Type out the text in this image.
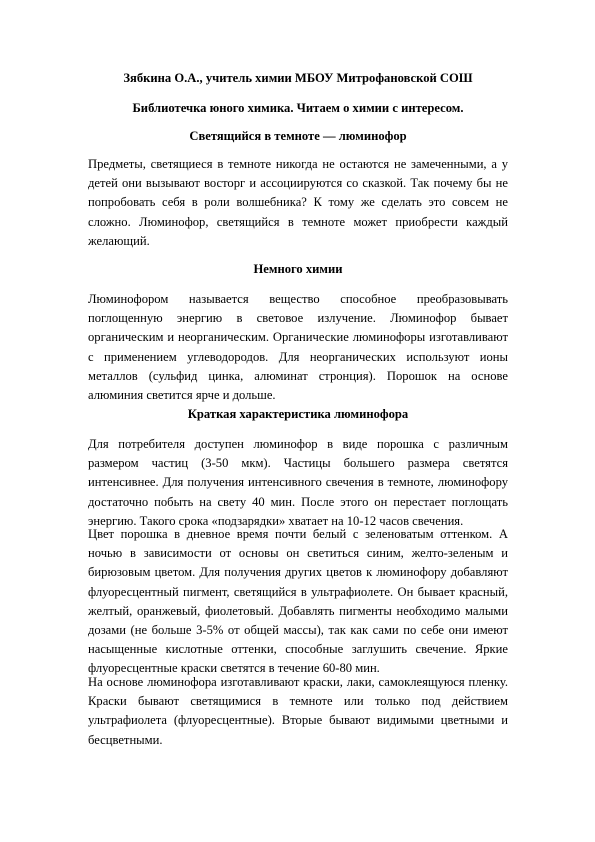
Зябкина О.А., учитель химии МБОУ Митрофановской СОШ
Библиотечка юного химика. Читаем о химии с интересом.
Светящийся в темноте — люминофор

Предметы, светящиеся в темноте никогда не остаются не замеченными, а у детей они вызывают восторг и ассоциируются со сказкой. Так почему бы не попробовать себя в роли волшебника? К тому же сделать это совсем не сложно. Люминофор, светящийся в темноте может приобрести каждый желающий.

Немного химии

Люминофором называется вещество способное преобразовывать поглощенную энергию в световое излучение. Люминофор бывает органическим и неорганическим. Органические люминофоры изготавливают с применением углеводородов. Для неорганических используют ионы металлов (сульфид цинка, алюминат стронция). Порошок на основе алюминия светится ярче и дольше.

Краткая характеристика люминофора

Для потребителя доступен люминофор в виде порошка с различным размером частиц (3-50 мкм). Частицы большего размера светятся интенсивнее. Для получения интенсивного свечения в темноте, люминофору достаточно побыть на свету 40 мин. После этого он перестает поглощать энергию. Такого срока «подзарядки» хватает на 10-12 часов свечения.

Цвет порошка в дневное время почти белый с зеленоватым оттенком. А ночью в зависимости от основы он светиться синим, желто-зеленым и бирюзовым цветом. Для получения других цветов к люминофору добавляют флуоресцентный пигмент, светящийся в ультрафиолете. Он бывает красный, желтый, оранжевый, фиолетовый. Добавлять пигменты необходимо малыми дозами (не больше 3-5% от общей массы), так как сами по себе они имеют насыщенные кислотные оттенки, способные заглушить свечение. Яркие флуоресцентные краски светятся в течение 60-80 мин.

На основе люминофора изготавливают краски, лаки, самоклеящуюся пленку. Краски бывают светящимися в темноте или только под действием ультрафиолета (флуоресцентные). Вторые бывают видимыми цветными и бесцветными.
